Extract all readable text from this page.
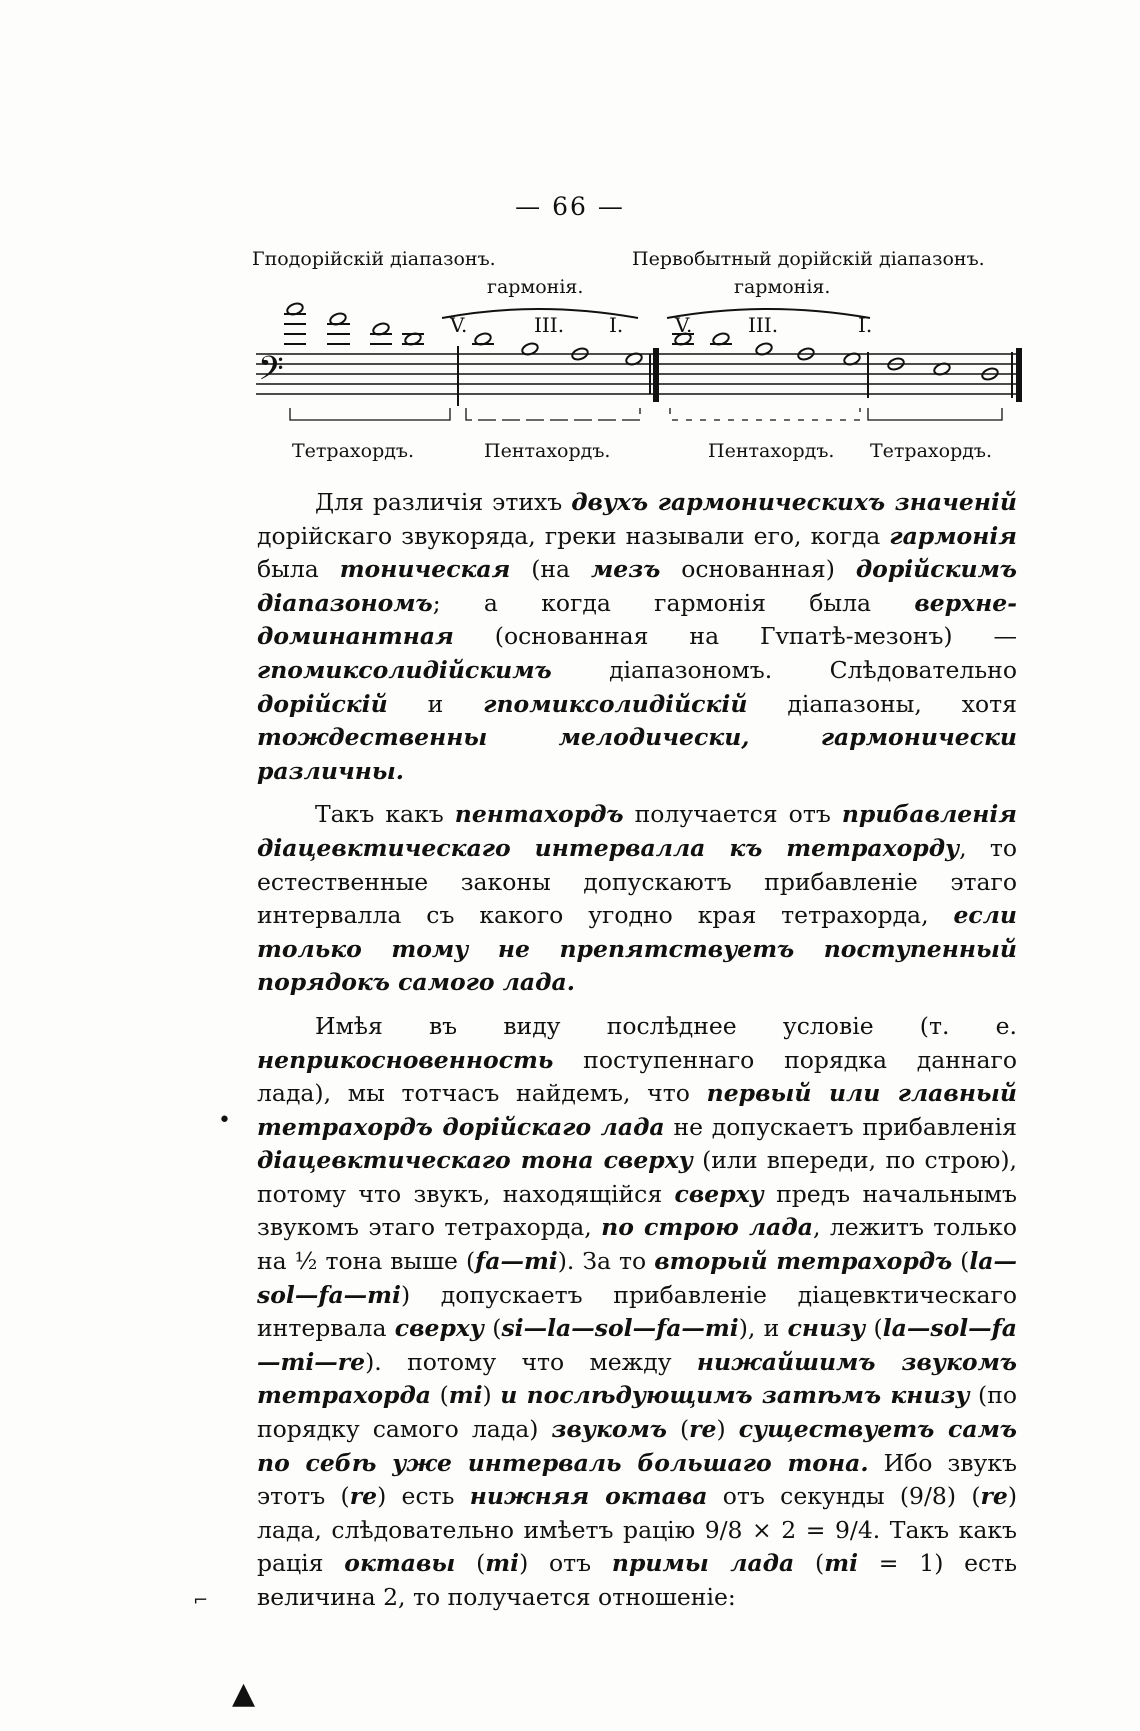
— 66 —
Гподорійскій діапазонъ.	Первобытный дорійскій діапазонъ.
гармонія.	гармонія.
V.	III. I.	V.	III.	I.
𝄢
Тетрахордъ.	Пентахордъ.	Пентахордъ. Тетрахордъ.

Для различія этихъ двухъ гармоническихъ значеній дорійскаго звукоряда, греки называли его, когда гармонія была тоническая (на мезъ основанная) дорійскимъ діапазономъ; а когда гармонія была верхне-доминантная (основанная на Гvпатѣ-мезонъ) — гпомиксолидійскимъ діапазономъ. Слѣдовательно дорійскій и гпомиксолидійскій діапазоны, хотя тождественны мелодически, гармонически различны.

Такъ какъ пентахордъ получается отъ прибавленія діацевктическаго интервалла къ тетрахорду, то естественные законы допускаютъ прибавленіе этаго интервалла съ какого угодно края тетрахорда, если только тому не препятствуетъ поступенный порядокъ самого лада.

Имѣя въ виду послѣднее условіе (т. е. неприкосновенность поступеннаго порядка даннаго лада), мы тотчасъ найдемъ, что первый или главный тетрахордъ дорійскаго лада не допускаетъ прибавленія діацевктическаго тона сверху (или впереди, по строю), потому что звукъ, находящійся сверху предъ начальнымъ звукомъ этаго тетрахорда, по строю лада, лежитъ только на ½ тона выше (fa—mi). За то вторый тетрахордъ (la—sol—fa—mi) допускаетъ прибавленіе діацевктическаго интервала сверху (si—la—sol—fa—mi), и снизу (la—sol—fa—mi—re). потому что между нижайшимъ звукомъ тетрахорда (mi) и послѣдующимъ затѣмъ книзу (по порядку самого лада) звукомъ (re) существуетъ самъ по себѣ уже интерваль большаго тона. Ибо звукъ этотъ (re) есть нижняя октава отъ секунды (9/8) (re) лада, слѣдовательно имѣетъ рацію 9/8 × 2 = 9/4. Такъ какъ рація октавы (mi) отъ примы лада (mi = 1) есть величина 2, то получается отношеніе:

•
⌐
▲
